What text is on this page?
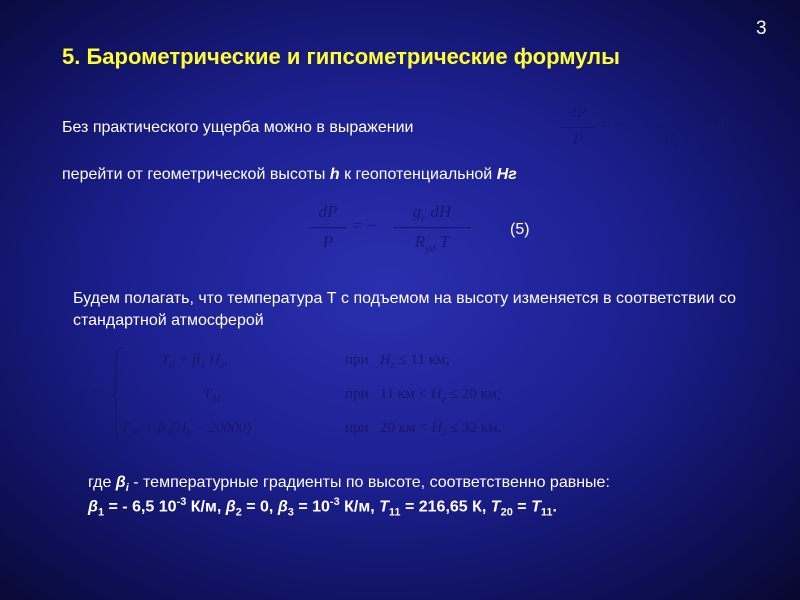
3
5. Барометрические и гипсометрические формулы
Без практического ущерба можно в выражении
dP
P
= −
$g_п$
$R_y$ T
dh
перейти от геометрической высоты h к геопотенциальной Hг
dP
P
= −
$g_c$ dH
$R_{yd}$ T
(5)
Будем полагать, что температура Т с подъемом на высоту изменяется в соответствии со стандартной атмосферой
T =
$T_0 + \beta_1$ $H_г$,
$T_{11}$
$T_{20} + \beta_3(H_г - 20000)$
при $H_г \le 11$ км;
при 11 км < $H_г \le 20$ км;
при 20 км < $H_г \le 32$ км.
где $\beta_i$ - температурные градиенты по высоте, соответственно равные:
$\beta_1$ = - 6,5 $10^{-3}$ К/м, $\beta_2 = 0$, $\beta_3 = 10^{-3}$ К/м, $T_{11} = 216,65$ К, $T_{20} = T_{11}$.
